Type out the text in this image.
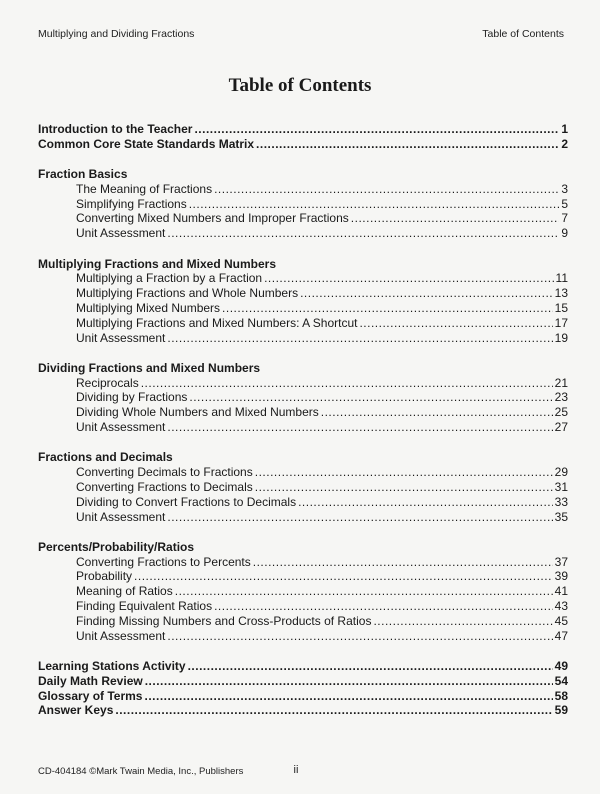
Multiplying and Dividing Fractions	Table of Contents
Table of Contents
Introduction to the Teacher .....	1
Common Core State Standards Matrix .....	2
Fraction Basics
The Meaning of Fractions .....	3
Simplifying Fractions .....	5
Converting Mixed Numbers and Improper Fractions .....	7
Unit Assessment .....	9
Multiplying Fractions and Mixed Numbers
Multiplying a Fraction by a Fraction .....	11
Multiplying Fractions and Whole Numbers .....	13
Multiplying Mixed Numbers .....	15
Multiplying Fractions and Mixed Numbers: A Shortcut .....	17
Unit Assessment .....	19
Dividing Fractions and Mixed Numbers
Reciprocals .....	21
Dividing by Fractions .....	23
Dividing Whole Numbers and Mixed Numbers .....	25
Unit Assessment .....	27
Fractions and Decimals
Converting Decimals to Fractions .....	29
Converting Fractions to Decimals .....	31
Dividing to Convert Fractions to Decimals .....	33
Unit Assessment .....	35
Percents/Probability/Ratios
Converting Fractions to Percents .....	37
Probability .....	39
Meaning of Ratios .....	41
Finding Equivalent Ratios .....	43
Finding Missing Numbers and Cross-Products of Ratios .....	45
Unit Assessment .....	47
Learning Stations Activity .....	49
Daily Math Review .....	54
Glossary of Terms .....	58
Answer Keys .....	59
CD-404184 ©Mark Twain Media, Inc., Publishers	ii
